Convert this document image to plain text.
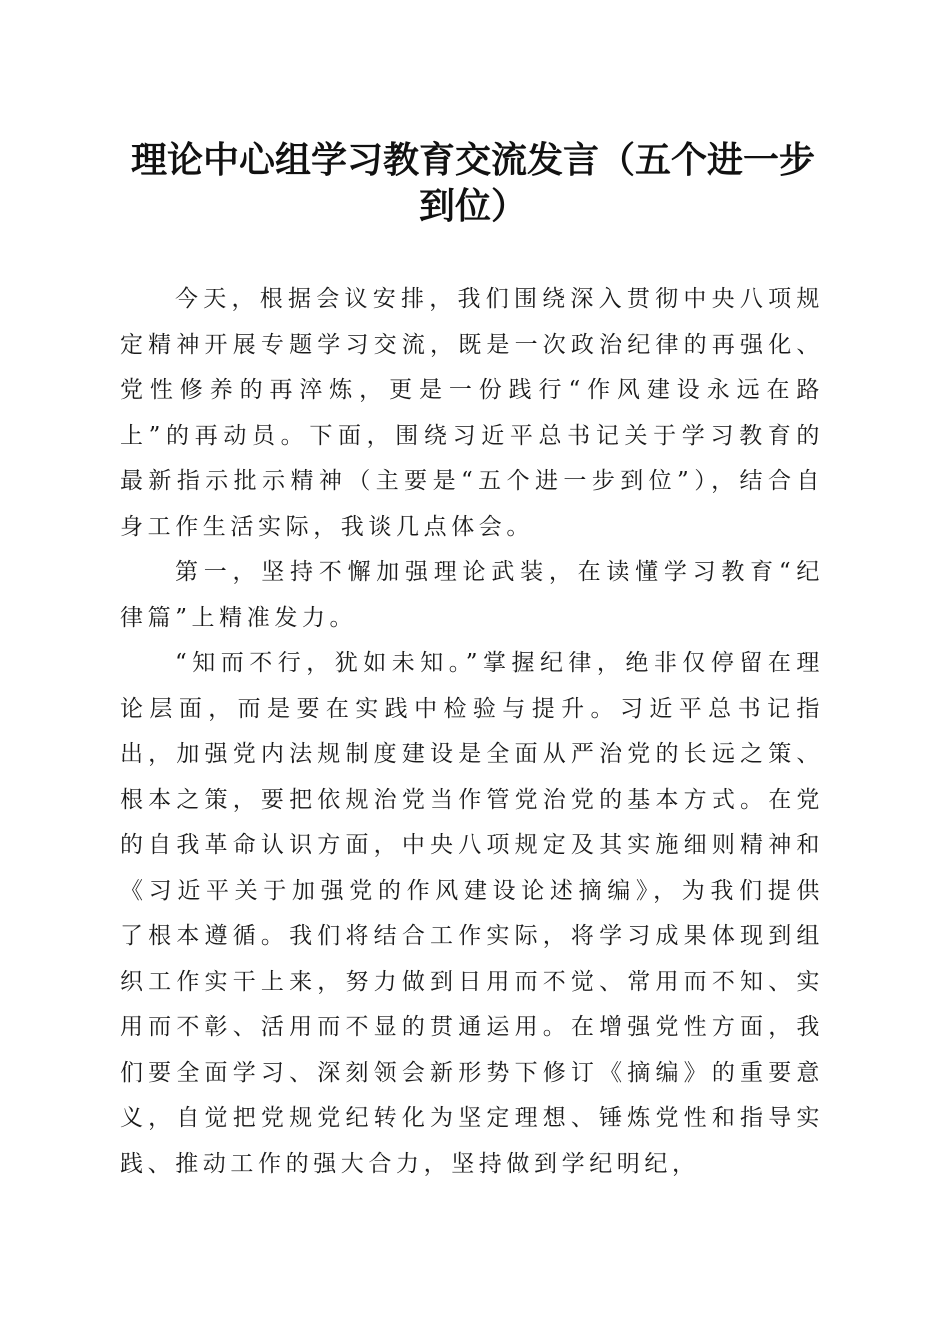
理论中心组学习教育交流发言（五个进一步到位）

今天，根据会议安排，我们围绕深入贯彻中央八项规定精神开展专题学习交流，既是一次政治纪律的再强化、党性修养的再淬炼，更是一份践行“作风建设永远在路上”的再动员。下面，围绕习近平总书记关于学习教育的最新指示批示精神（主要是“五个进一步到位”），结合自身工作生活实际，我谈几点体会。

第一，坚持不懈加强理论武装，在读懂学习教育“纪律篇”上精准发力。

“知而不行，犹如未知。”掌握纪律，绝非仅停留在理论层面，而是要在实践中检验与提升。习近平总书记指出，加强党内法规制度建设是全面从严治党的长远之策、根本之策，要把依规治党当作管党治党的基本方式。在党的自我革命认识方面，中央八项规定及其实施细则精神和《习近平关于加强党的作风建设论述摘编》，为我们提供了根本遵循。我们将结合工作实际，将学习成果体现到组织工作实干上来，努力做到日用而不觉、常用而不知、实用而不彰、活用而不显的贯通运用。在增强党性方面，我们要全面学习、深刻领会新形势下修订《摘编》的重要意义，自觉把党规党纪转化为坚定理想、锤炼党性和指导实践、推动工作的强大合力，坚持做到学纪明纪，
